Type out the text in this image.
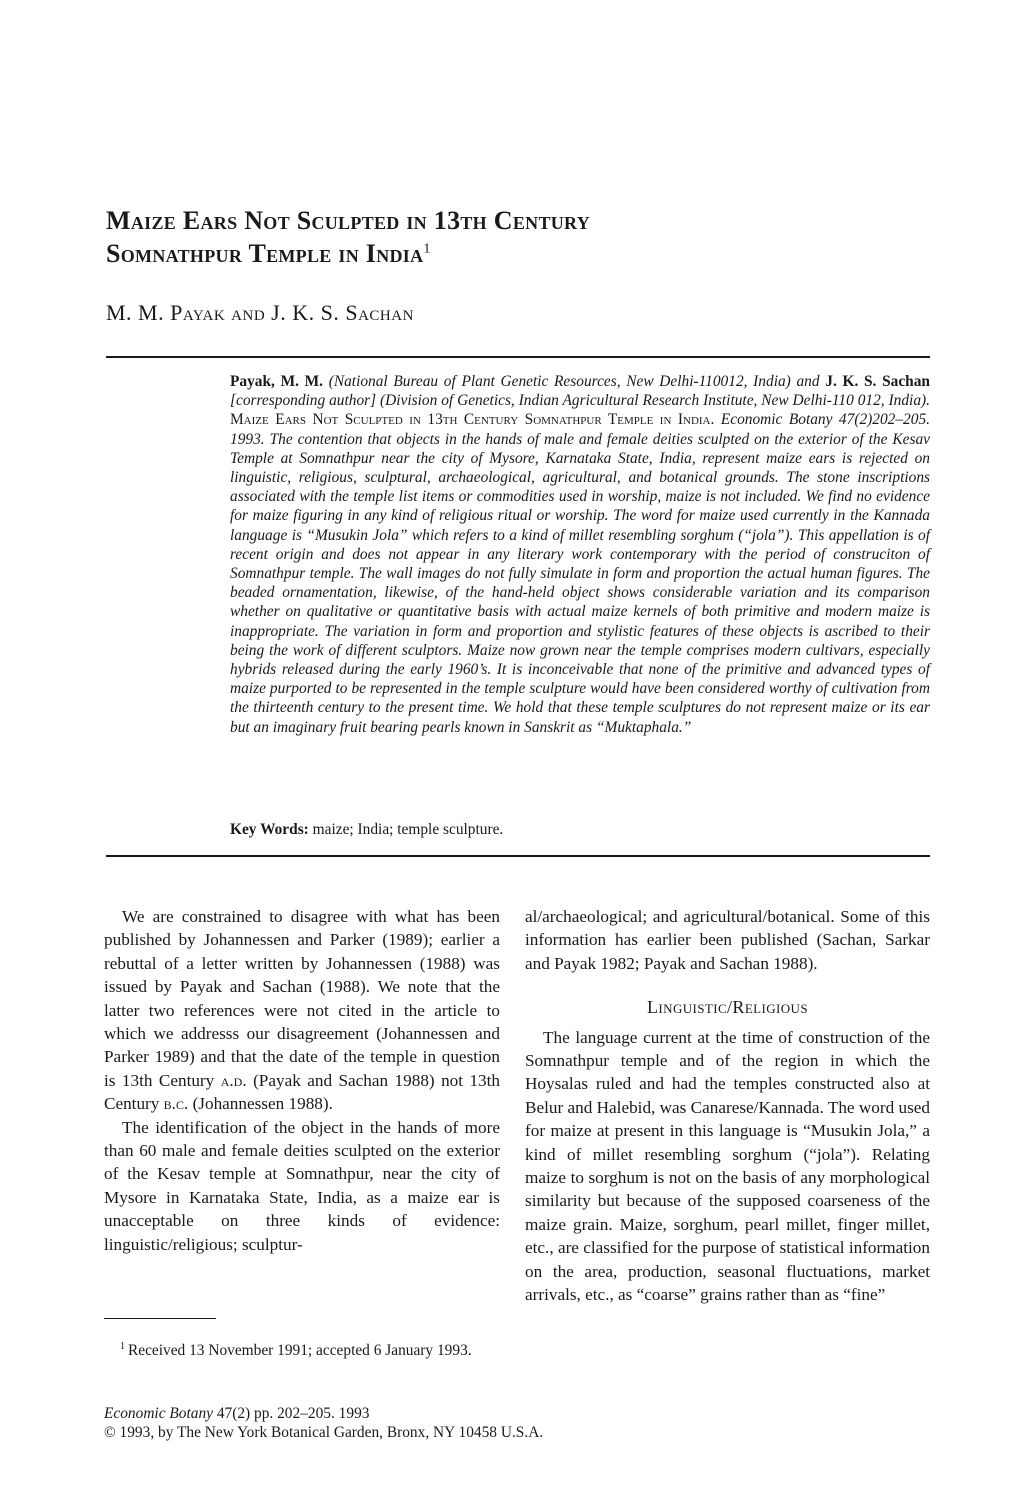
Maize Ears Not Sculpted in 13th Century
Somnathpur Temple in India$^1$
M. M. Payak and J. K. S. Sachan
Payak, M. M. (National Bureau of Plant Genetic Resources, New Delhi-110012, India) and J. K. S. Sachan [corresponding author] (Division of Genetics, Indian Agricultural Research Institute, New Delhi-110 012, India). Maize Ears Not Sculpted in 13th Century Somnathpur Temple in India. Economic Botany 47(2)202–205. 1993. The contention that objects in the hands of male and female deities sculpted on the exterior of the Kesav Temple at Somnathpur near the city of Mysore, Karnataka State, India, represent maize ears is rejected on linguistic, religious, sculptural, archaeological, agricultural, and botanical grounds. The stone inscriptions associated with the temple list items or commodities used in worship, maize is not included. We find no evidence for maize figuring in any kind of religious ritual or worship. The word for maize used currently in the Kannada language is “Musukin Jola” which refers to a kind of millet resembling sorghum (“jola”). This appellation is of recent origin and does not appear in any literary work contemporary with the period of construciton of Somnathpur temple. The wall images do not fully simulate in form and proportion the actual human figures. The beaded ornamentation, likewise, of the hand-held object shows considerable variation and its comparison whether on qualitative or quantitative basis with actual maize kernels of both primitive and modern maize is inappropriate. The variation in form and proportion and stylistic features of these objects is ascribed to their being the work of different sculptors. Maize now grown near the temple comprises modern cultivars, especially hybrids released during the early 1960’s. It is inconceivable that none of the primitive and advanced types of maize purported to be represented in the temple sculpture would have been considered worthy of cultivation from the thirteenth century to the present time. We hold that these temple sculptures do not represent maize or its ear but an imaginary fruit bearing pearls known in Sanskrit as “Muktaphala.”
Key Words: maize; India; temple sculpture.

We are constrained to disagree with what has been published by Johannessen and Parker (1989); earlier a rebuttal of a letter written by Johannessen (1988) was issued by Payak and Sachan (1988). We note that the latter two references were not cited in the article to which we addresss our disagreement (Johannessen and Parker 1989) and that the date of the temple in question is 13th Century a.d. (Payak and Sachan 1988) not 13th Century b.c. (Johannessen 1988).

The identification of the object in the hands of more than 60 male and female deities sculpted on the exterior of the Kesav temple at Somnathpur, near the city of Mysore in Karnataka State, India, as a maize ear is unacceptable on three kinds of evidence: linguistic/religious; sculptur-

al/archaeological; and agricultural/botanical. Some of this information has earlier been published (Sachan, Sarkar and Payak 1982; Payak and Sachan 1988).

Linguistic/Religious

The language current at the time of construction of the Somnathpur temple and of the region in which the Hoysalas ruled and had the temples constructed also at Belur and Halebid, was Canarese/Kannada. The word used for maize at present in this language is “Musukin Jola,” a kind of millet resembling sorghum (“jola”). Relating maize to sorghum is not on the basis of any morphological similarity but because of the supposed coarseness of the maize grain. Maize, sorghum, pearl millet, finger millet, etc., are classified for the purpose of statistical information on the area, production, seasonal fluctuations, market arrivals, etc., as “coarse” grains rather than as “fine”

$^1$ Received 13 November 1991; accepted 6 January 1993.
Economic Botany 47(2) pp. 202–205. 1993
© 1993, by The New York Botanical Garden, Bronx, NY 10458 U.S.A.
